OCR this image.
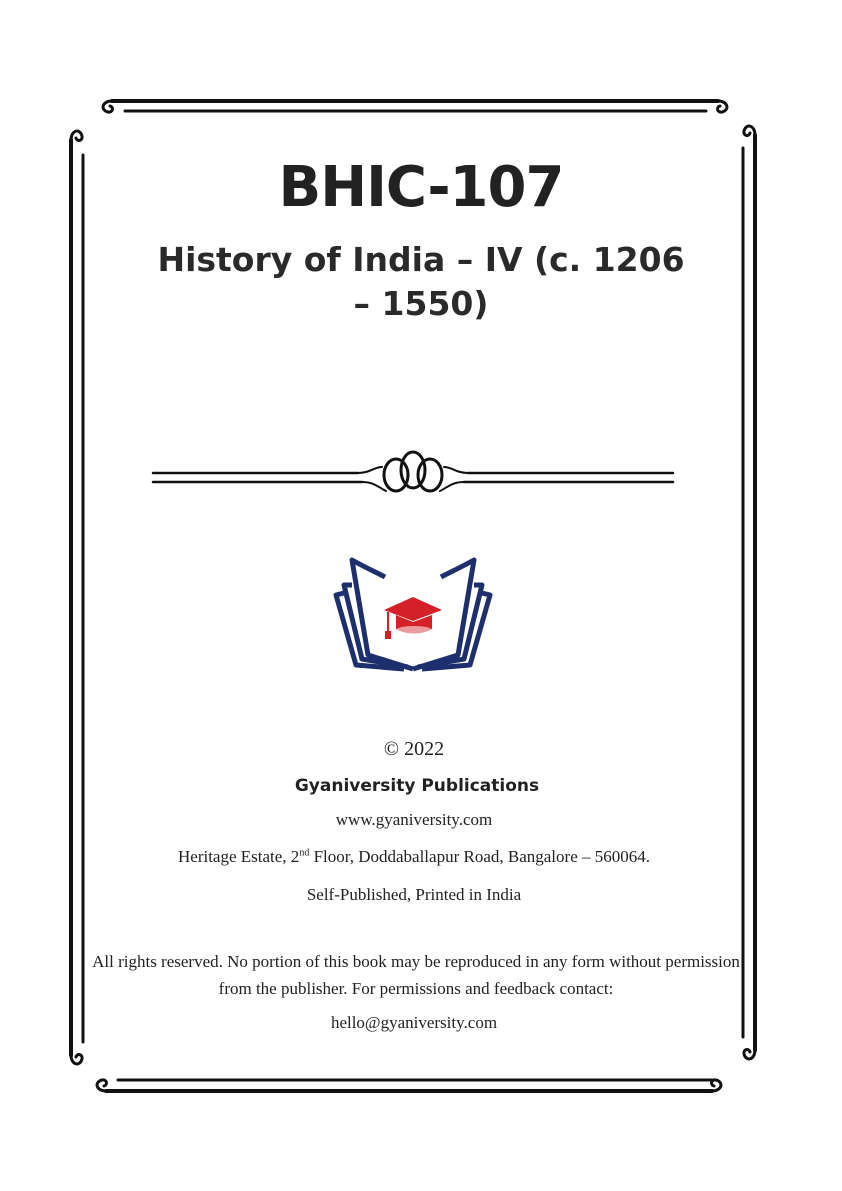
BHIC-107
History of India – IV (c. 1206 – 1550)
© 2022
Gyaniversity Publications
www.gyaniversity.com
Heritage Estate, 2nd Floor, Doddaballapur Road, Bangalore – 560064.
Self-Published, Printed in India
All rights reserved. No portion of this book may be reproduced in any form without permission from the publisher. For permissions and feedback contact:
hello@gyaniversity.com
